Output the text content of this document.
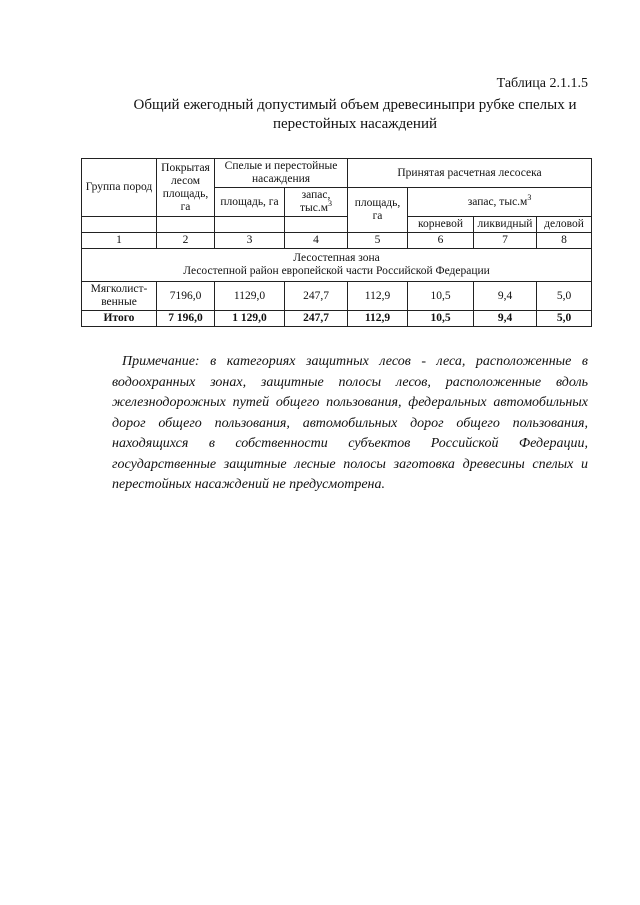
Таблица 2.1.1.5
Общий ежегодный допустимый объем древесиныпри рубке спелых и
перестойных насаждений
Группа пород	Покрытая лесом площадь, га	Спелые и перестойные насаждения		Принятая расчетная лесосека			

		площадь, га	запас, $тыс.м^3$	площадь, га	запас, $тыс.м^3$
					корневой	ликвидный	деловой
1	2	3	4	5	6	7	8

Лесостепная зона
Лесостепной район европейской части Российской Федерации							

Мягколист-венные	7196,0	1129,0	247,7	112,9	10,5	9,4	5,0
Итого	7 196,0	1 129,0	247,7	112,9	10,5	9,4	5,0
Примечание: в категориях защитных лесов - леса, расположенные в водоохранных зонах, защитные полосы лесов, расположенные вдоль железнодорожных путей общего пользования, федеральных автомобильных дорог общего пользования, автомобильных дорог общего пользования, находящихся в собственности субъектов Российской Федерации, государственные защитные лесные полосы заготовка древесины спелых и перестойных насаждений не предусмотрена.
